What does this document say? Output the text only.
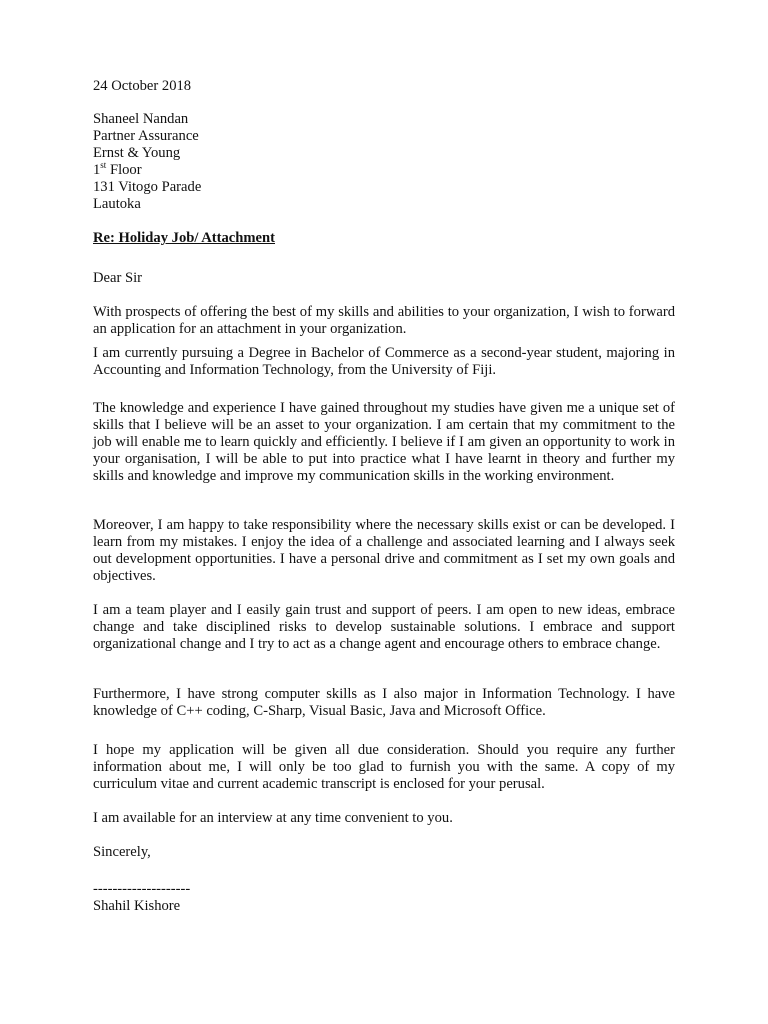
24 October 2018
Shaneel Nandan
Partner Assurance
Ernst & Young
1st Floor
131 Vitogo Parade
Lautoka
Re: Holiday Job/ Attachment
Dear Sir
With prospects of offering the best of my skills and abilities to your organization, I wish to forward an application for an attachment in your organization.
I am currently pursuing a Degree in Bachelor of Commerce as a second-year student, majoring in Accounting and Information Technology, from the University of Fiji.
The knowledge and experience I have gained throughout my studies have given me a unique set of skills that I believe will be an asset to your organization. I am certain that my commitment to the job will enable me to learn quickly and efficiently. I believe if I am given an opportunity to work in your organisation, I will be able to put into practice what I have learnt in theory and further my skills and knowledge and improve my communication skills in the working environment.
Moreover, I am happy to take responsibility where the necessary skills exist or can be developed. I learn from my mistakes. I enjoy the idea of a challenge and associated learning and I always seek out development opportunities. I have a personal drive and commitment as I set my own goals and objectives.
I am a team player and I easily gain trust and support of peers. I am open to new ideas, embrace change and take disciplined risks to develop sustainable solutions. I embrace and support organizational change and I try to act as a change agent and encourage others to embrace change.
Furthermore, I have strong computer skills as I also major in Information Technology. I have knowledge of C++ coding, C-Sharp, Visual Basic, Java and Microsoft Office.
I hope my application will be given all due consideration. Should you require any further information about me, I will only be too glad to furnish you with the same. A copy of my curriculum vitae and current academic transcript is enclosed for your perusal.
I am available for an interview at any time convenient to you.
Sincerely,
--------------------
Shahil Kishore
